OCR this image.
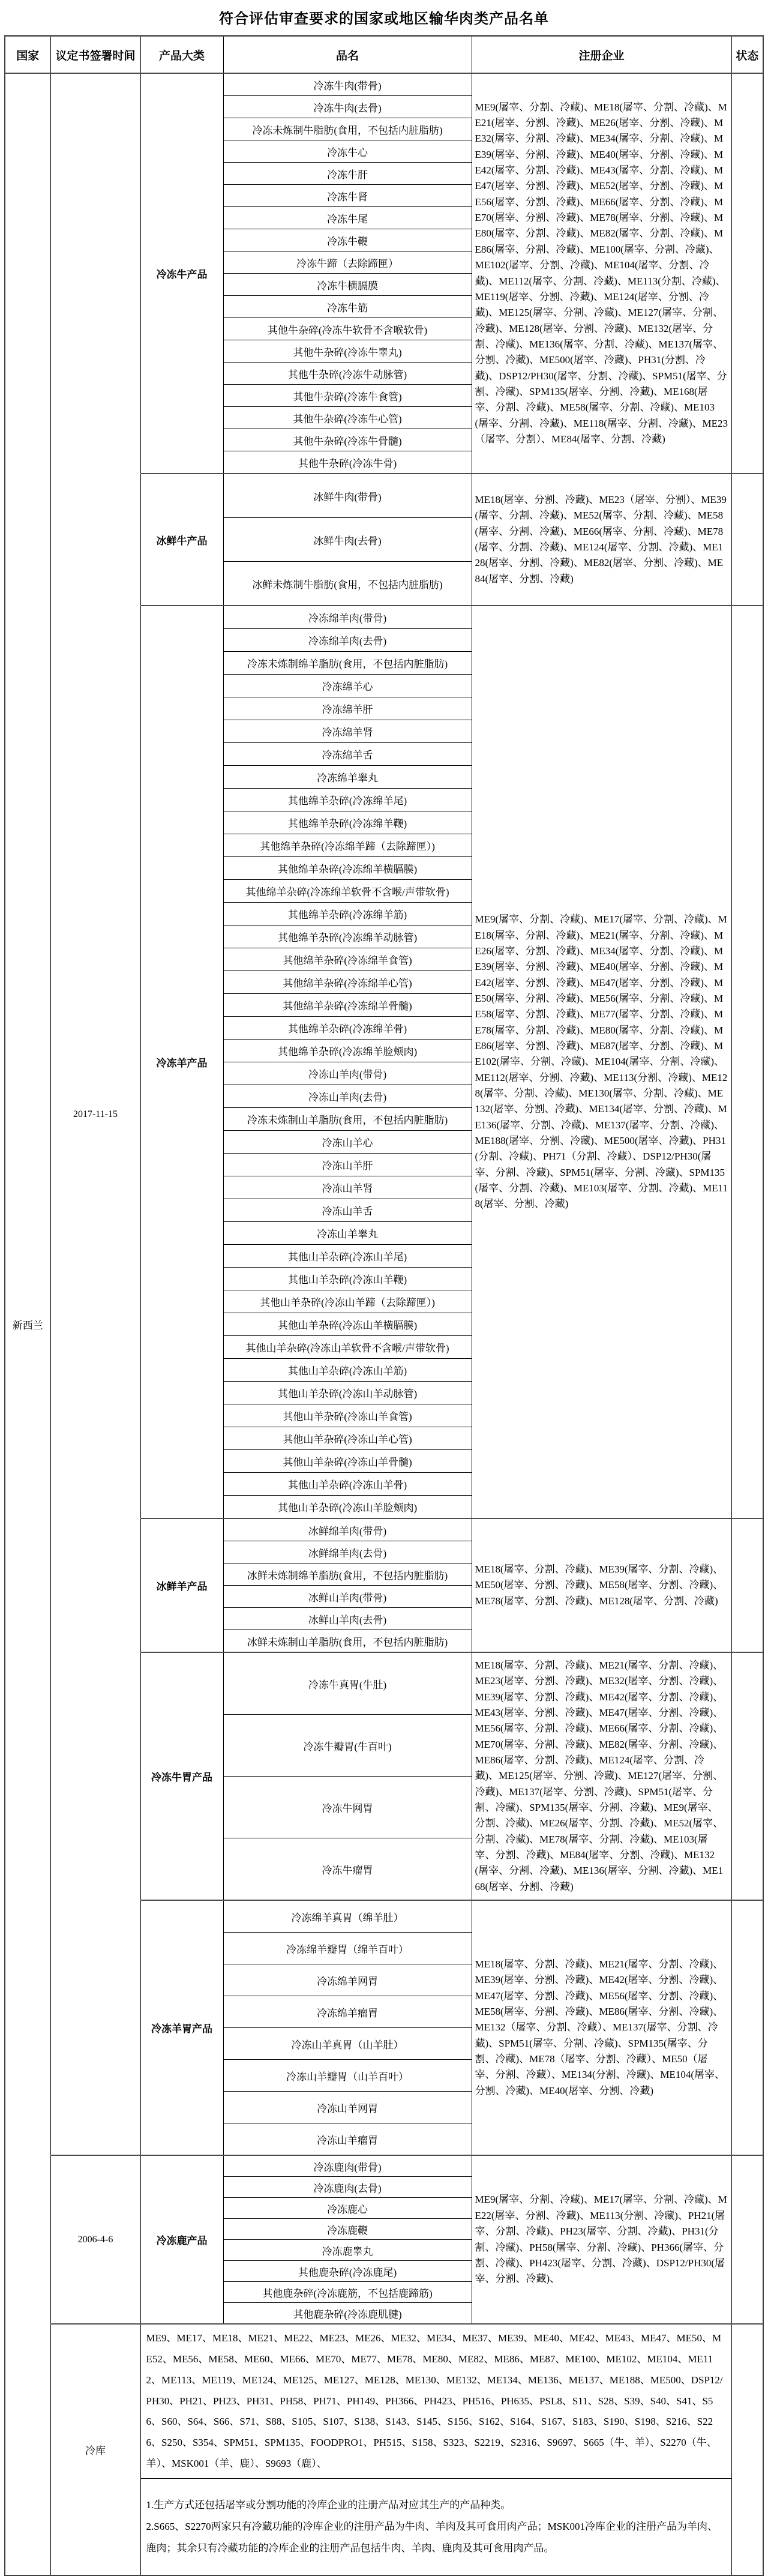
符合评估审查要求的国家或地区输华肉类产品名单
国家	议定书签署时间	产品大类	品名	注册企业	状态
新西兰	2017-11-15	冷冻牛产品	冷冻牛肉(带骨)	ME9(屠宰、分割、冷藏)、ME18(屠宰、分割、冷藏)、ME21(屠宰、分割、冷藏)、ME26(屠宰、分割、冷藏)、ME32(屠宰、分割、冷藏)、ME34(屠宰、分割、冷藏)、ME39(屠宰、分割、冷藏)、ME40(屠宰、分割、冷藏)、ME42(屠宰、分割、冷藏)、ME43(屠宰、分割、冷藏)、ME47(屠宰、分割、冷藏)、ME52(屠宰、分割、冷藏)、ME56(屠宰、分割、冷藏)、ME66(屠宰、分割、冷藏)、ME70(屠宰、分割、冷藏)、ME78(屠宰、分割、冷藏)、ME80(屠宰、分割、冷藏)、ME82(屠宰、分割、冷藏)、ME86(屠宰、分割、冷藏)、ME100(屠宰、分割、冷藏)、ME102(屠宰、分割、冷藏)、ME104(屠宰、分割、冷藏)、ME112(屠宰、分割、冷藏)、ME113(分割、冷藏)、ME119(屠宰、分割、冷藏)、ME124(屠宰、分割、冷藏)、ME125(屠宰、分割、冷藏)、ME127(屠宰、分割、冷藏)、ME128(屠宰、分割、冷藏)、ME132(屠宰、分割、冷藏)、ME136(屠宰、分割、冷藏)、ME137(屠宰、分割、冷藏)、ME500(屠宰、冷藏)、PH31(分割、冷藏)、DSP12/PH30(屠宰、分割、冷藏)、SPM51(屠宰、分割、冷藏)、SPM135(屠宰、分割、冷藏)、ME168(屠宰、分割、冷藏)、ME58(屠宰、分割、冷藏)、ME103(屠宰、分割、冷藏)、ME118(屠宰、分割、冷藏)、ME23（屠宰、分割）、ME84(屠宰、分割、冷藏)	
			冷冻牛肉(去骨)		
			冷冻未炼制牛脂肪(食用，不包括内脏脂肪)		
			冷冻牛心		
			冷冻牛肝		
			冷冻牛肾		
			冷冻牛尾		
			冷冻牛鞭		
			冷冻牛蹄（去除蹄匣）		
			冷冻牛横膈膜		
			冷冻牛筋		
			其他牛杂碎(冷冻牛软骨不含喉软骨)		
			其他牛杂碎(冷冻牛睾丸)		
			其他牛杂碎(冷冻牛动脉管)		
			其他牛杂碎(冷冻牛食管)		
			其他牛杂碎(冷冻牛心管)		
			其他牛杂碎(冷冻牛骨髓)		
			其他牛杂碎(冷冻牛骨)		
		冰鲜牛产品	冰鲜牛肉(带骨)	ME18(屠宰、分割、冷藏)、ME23（屠宰、分割）、ME39(屠宰、分割、冷藏)、ME52(屠宰、分割、冷藏)、ME58(屠宰、分割、冷藏)、ME66(屠宰、分割、冷藏)、ME78(屠宰、分割、冷藏)、ME124(屠宰、分割、冷藏)、ME128(屠宰、分割、冷藏)、ME82(屠宰、分割、冷藏)、ME84(屠宰、分割、冷藏)	
			冰鲜牛肉(去骨)		
			冰鲜未炼制牛脂肪(食用，不包括内脏脂肪)		
		冷冻羊产品	冷冻绵羊肉(带骨)	ME9(屠宰、分割、冷藏)、ME17(屠宰、分割、冷藏)、ME18(屠宰、分割、冷藏)、ME21(屠宰、分割、冷藏)、ME26(屠宰、分割、冷藏)、ME34(屠宰、分割、冷藏)、ME39(屠宰、分割、冷藏)、ME40(屠宰、分割、冷藏)、ME42(屠宰、分割、冷藏)、ME47(屠宰、分割、冷藏)、ME50(屠宰、分割、冷藏)、ME56(屠宰、分割、冷藏)、ME58(屠宰、分割、冷藏)、ME77(屠宰、分割、冷藏)、ME78(屠宰、分割、冷藏)、ME80(屠宰、分割、冷藏)、ME86(屠宰、分割、冷藏)、ME87(屠宰、分割、冷藏)、ME102(屠宰、分割、冷藏)、ME104(屠宰、分割、冷藏)、ME112(屠宰、分割、冷藏)、ME113(分割、冷藏)、ME128(屠宰、分割、冷藏)、ME130(屠宰、分割、冷藏)、ME132(屠宰、分割、冷藏)、ME134(屠宰、分割、冷藏)、ME136(屠宰、分割、冷藏)、ME137(屠宰、分割、冷藏)、ME188(屠宰、分割、冷藏)、ME500(屠宰、冷藏)、PH31(分割、冷藏)、PH71（分割、冷藏）、DSP12/PH30(屠宰、分割、冷藏)、SPM51(屠宰、分割、冷藏)、SPM135(屠宰、分割、冷藏)、ME103(屠宰、分割、冷藏)、ME118(屠宰、分割、冷藏)	
			冷冻绵羊肉(去骨)		
			冷冻未炼制绵羊脂肪(食用，不包括内脏脂肪)		
			冷冻绵羊心		
			冷冻绵羊肝		
			冷冻绵羊肾		
			冷冻绵羊舌		
			冷冻绵羊睾丸		
			其他绵羊杂碎(冷冻绵羊尾)		
			其他绵羊杂碎(冷冻绵羊鞭)		
			其他绵羊杂碎(冷冻绵羊蹄（去除蹄匣）)		
			其他绵羊杂碎(冷冻绵羊横膈膜)		
			其他绵羊杂碎(冷冻绵羊软骨不含喉/声带软骨)		
			其他绵羊杂碎(冷冻绵羊筋)		
			其他绵羊杂碎(冷冻绵羊动脉管)		
			其他绵羊杂碎(冷冻绵羊食管)		
			其他绵羊杂碎(冷冻绵羊心管)		
			其他绵羊杂碎(冷冻绵羊骨髓)		
			其他绵羊杂碎(冷冻绵羊骨)		
			其他绵羊杂碎(冷冻绵羊脸颊肉)		
			冷冻山羊肉(带骨)		
			冷冻山羊肉(去骨)		
			冷冻未炼制山羊脂肪(食用，不包括内脏脂肪)		
			冷冻山羊心		
			冷冻山羊肝		
			冷冻山羊肾		
			冷冻山羊舌		
			冷冻山羊睾丸		
			其他山羊杂碎(冷冻山羊尾)		
			其他山羊杂碎(冷冻山羊鞭)		
			其他山羊杂碎(冷冻山羊蹄（去除蹄匣）)		
			其他山羊杂碎(冷冻山羊横膈膜)		
			其他山羊杂碎(冷冻山羊软骨不含喉/声带软骨)		
			其他山羊杂碎(冷冻山羊筋)		
			其他山羊杂碎(冷冻山羊动脉管)		
			其他山羊杂碎(冷冻山羊食管)		
			其他山羊杂碎(冷冻山羊心管)		
			其他山羊杂碎(冷冻山羊骨髓)		
			其他山羊杂碎(冷冻山羊骨)		
			其他山羊杂碎(冷冻山羊脸颊肉)		
		冰鲜羊产品	冰鲜绵羊肉(带骨)	ME18(屠宰、分割、冷藏)、ME39(屠宰、分割、冷藏)、ME50(屠宰、分割、冷藏)、ME58(屠宰、分割、冷藏)、ME78(屠宰、分割、冷藏)、ME128(屠宰、分割、冷藏)	
			冰鲜绵羊肉(去骨)		
			冰鲜未炼制绵羊脂肪(食用，不包括内脏脂肪)		
			冰鲜山羊肉(带骨)		
			冰鲜山羊肉(去骨)		
			冰鲜未炼制山羊脂肪(食用，不包括内脏脂肪)		
		冷冻牛胃产品	冷冻牛真胃(牛肚)	ME18(屠宰、分割、冷藏)、ME21(屠宰、分割、冷藏)、ME23(屠宰、分割、冷藏)、ME32(屠宰、分割、冷藏)、ME39(屠宰、分割、冷藏)、ME42(屠宰、分割、冷藏)、ME43(屠宰、分割、冷藏)、ME47(屠宰、分割、冷藏)、ME56(屠宰、分割、冷藏)、ME66(屠宰、分割、冷藏)、ME70(屠宰、分割、冷藏)、ME82(屠宰、分割、冷藏)、ME86(屠宰、分割、冷藏)、ME124(屠宰、分割、冷藏)、ME125(屠宰、分割、冷藏)、ME127(屠宰、分割、冷藏)、ME137(屠宰、分割、冷藏)、SPM51(屠宰、分割、冷藏)、SPM135(屠宰、分割、冷藏)、ME9(屠宰、分割、冷藏)、ME26(屠宰、分割、冷藏)、ME52(屠宰、分割、冷藏)、ME78(屠宰、分割、冷藏)、ME103(屠宰、分割、冷藏)、ME84(屠宰、分割、冷藏)、ME132(屠宰、分割、冷藏)、ME136(屠宰、分割、冷藏)、ME168(屠宰、分割、冷藏)	
			冷冻牛瓣胃(牛百叶)		
			冷冻牛网胃		
			冷冻牛瘤胃		
		冷冻羊胃产品	冷冻绵羊真胃（绵羊肚）	ME18(屠宰、分割、冷藏)、ME21(屠宰、分割、冷藏)、ME39(屠宰、分割、冷藏)、ME42(屠宰、分割、冷藏)、ME47(屠宰、分割、冷藏)、ME56(屠宰、分割、冷藏)、ME58(屠宰、分割、冷藏)、ME86(屠宰、分割、冷藏)、ME132（屠宰、分割、冷藏）、ME137(屠宰、分割、冷藏)、SPM51(屠宰、分割、冷藏)、SPM135(屠宰、分割、冷藏)、ME78（屠宰、分割、冷藏）、ME50（屠宰、分割、冷藏）、ME134(分割、冷藏)、ME104(屠宰、分割、冷藏)、ME40(屠宰、分割、冷藏)	
			冷冻绵羊瓣胃（绵羊百叶）		
			冷冻绵羊网胃		
			冷冻绵羊瘤胃		
			冷冻山羊真胃（山羊肚）		
			冷冻山羊瓣胃（山羊百叶）		
			冷冻山羊网胃		
			冷冻山羊瘤胃		
	2006-4-6	冷冻鹿产品	冷冻鹿肉(带骨)	ME9(屠宰、分割、冷藏)、ME17(屠宰、分割、冷藏)、ME22(屠宰、分割、冷藏)、ME113(分割、冷藏)、PH21(屠宰、分割、冷藏)、PH23(屠宰、分割、冷藏)、PH31(分割、冷藏)、PH58(屠宰、分割、冷藏)、PH366(屠宰、分割、冷藏)、PH423(屠宰、分割、冷藏)、DSP12/PH30(屠宰、分割、冷藏)、	
			冷冻鹿肉(去骨)		
			冷冻鹿心		
			冷冻鹿鞭		
			冷冻鹿睾丸		
			其他鹿杂碎(冷冻鹿尾)		
			其他鹿杂碎(冷冻鹿筋，不包括鹿蹄筋)		
			其他鹿杂碎(冷冻鹿肌腱)		
	冷库	ME9、ME17、ME18、ME21、ME22、ME23、ME26、ME32、ME34、ME37、ME39、ME40、ME42、ME43、ME47、ME50、ME52、ME56、ME58、ME60、ME66、ME70、ME77、ME78、ME80、ME82、ME86、ME87、ME100、ME102、ME104、ME112、ME113、ME119、ME124、ME125、ME127、ME128、ME130、ME132、ME134、ME136、ME137、ME188、ME500、DSP12/PH30、PH21、PH23、PH31、PH58、PH71、PH149、PH366、PH423、PH516、PH635、PSL8、S11、S28、S39、S40、S41、S56、S60、S64、S66、S71、S88、S105、S107、S138、S143、S145、S156、S162、S164、S167、S183、S190、S198、S216、S226、S250、S354、SPM51、SPM135、FOODPRO1、PH515、S158、S323、S2219、S2316、S9697、S665（牛、羊）、S2270（牛、羊）、MSK001（羊、鹿）、S9693（鹿）、			

		1.生产方式还包括屠宰或分割功能的冷库企业的注册产品对应其生产的产品种类。
2.S665、S2270两家只有冷藏功能的冷库企业的注册产品为牛肉、羊肉及其可食用肉产品；MSK001冷库企业的注册产品为羊肉、鹿肉；其余只有冷藏功能的冷库企业的注册产品包括牛肉、羊肉、鹿肉及其可食用肉产品。			
